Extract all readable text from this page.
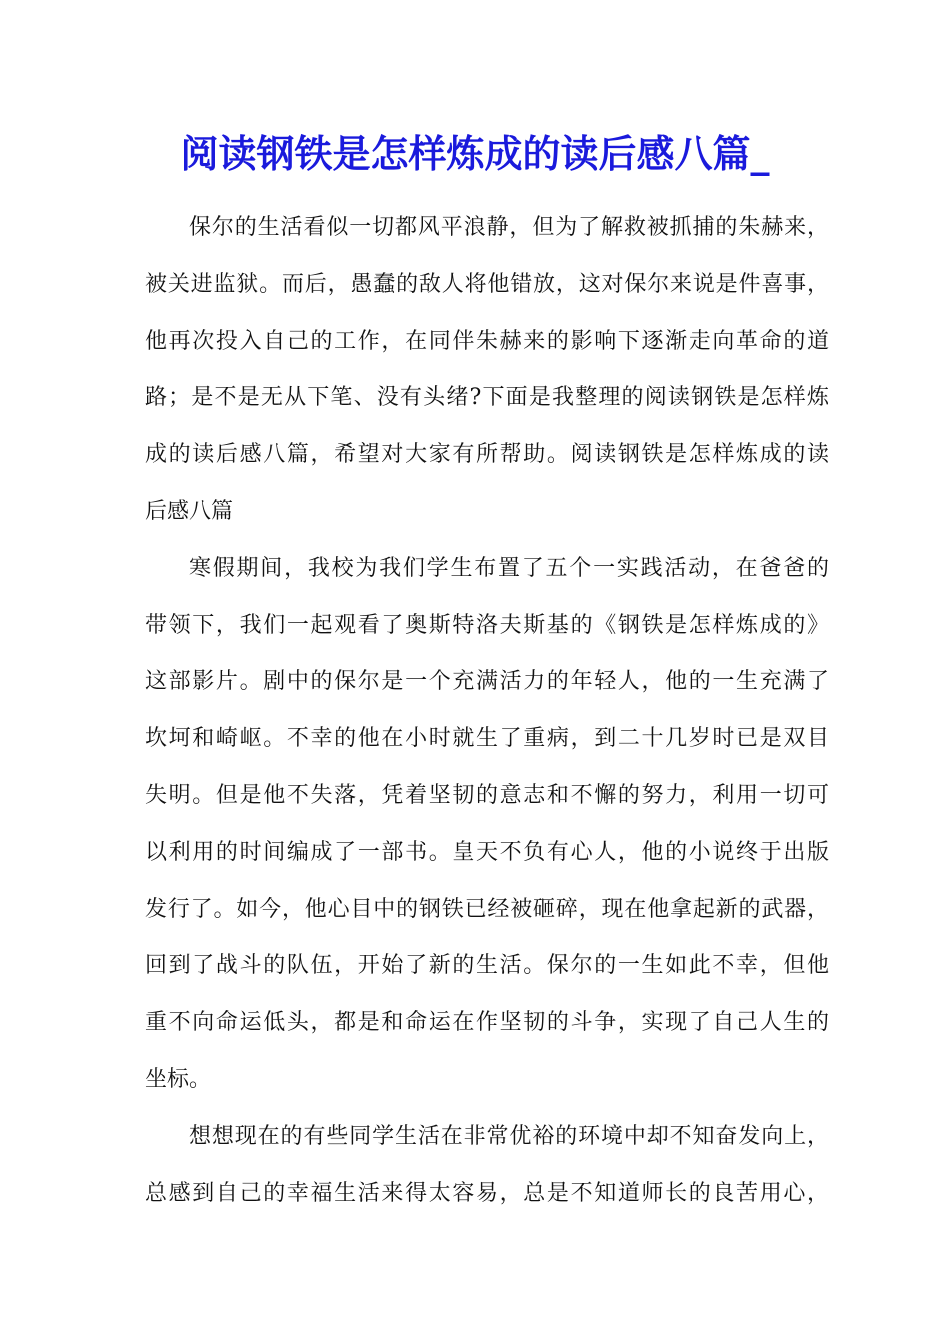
阅读钢铁是怎样炼成的读后感八篇_

保尔的生活看似一切都风平浪静，但为了解救被抓捕的朱赫来，
被关进监狱。而后，愚蠢的敌人将他错放，这对保尔来说是件喜事，
他再次投入自己的工作，在同伴朱赫来的影响下逐渐走向革命的道
路；是不是无从下笔、没有头绪?下面是我整理的阅读钢铁是怎样炼
成的读后感八篇，希望对大家有所帮助。阅读钢铁是怎样炼成的读
后感八篇

寒假期间，我校为我们学生布置了五个一实践活动，在爸爸的
带领下，我们一起观看了奥斯特洛夫斯基的《钢铁是怎样炼成的》
这部影片。剧中的保尔是一个充满活力的年轻人，他的一生充满了
坎坷和崎岖。不幸的他在小时就生了重病，到二十几岁时已是双目
失明。但是他不失落，凭着坚韧的意志和不懈的努力，利用一切可
以利用的时间编成了一部书。皇天不负有心人，他的小说终于出版
发行了。如今，他心目中的钢铁已经被砸碎，现在他拿起新的武器，
回到了战斗的队伍，开始了新的生活。保尔的一生如此不幸，但他
重不向命运低头，都是和命运在作坚韧的斗争，实现了自己人生的
坐标。

想想现在的有些同学生活在非常优裕的环境中却不知奋发向上，
总感到自己的幸福生活来得太容易，总是不知道师长的良苦用心，
